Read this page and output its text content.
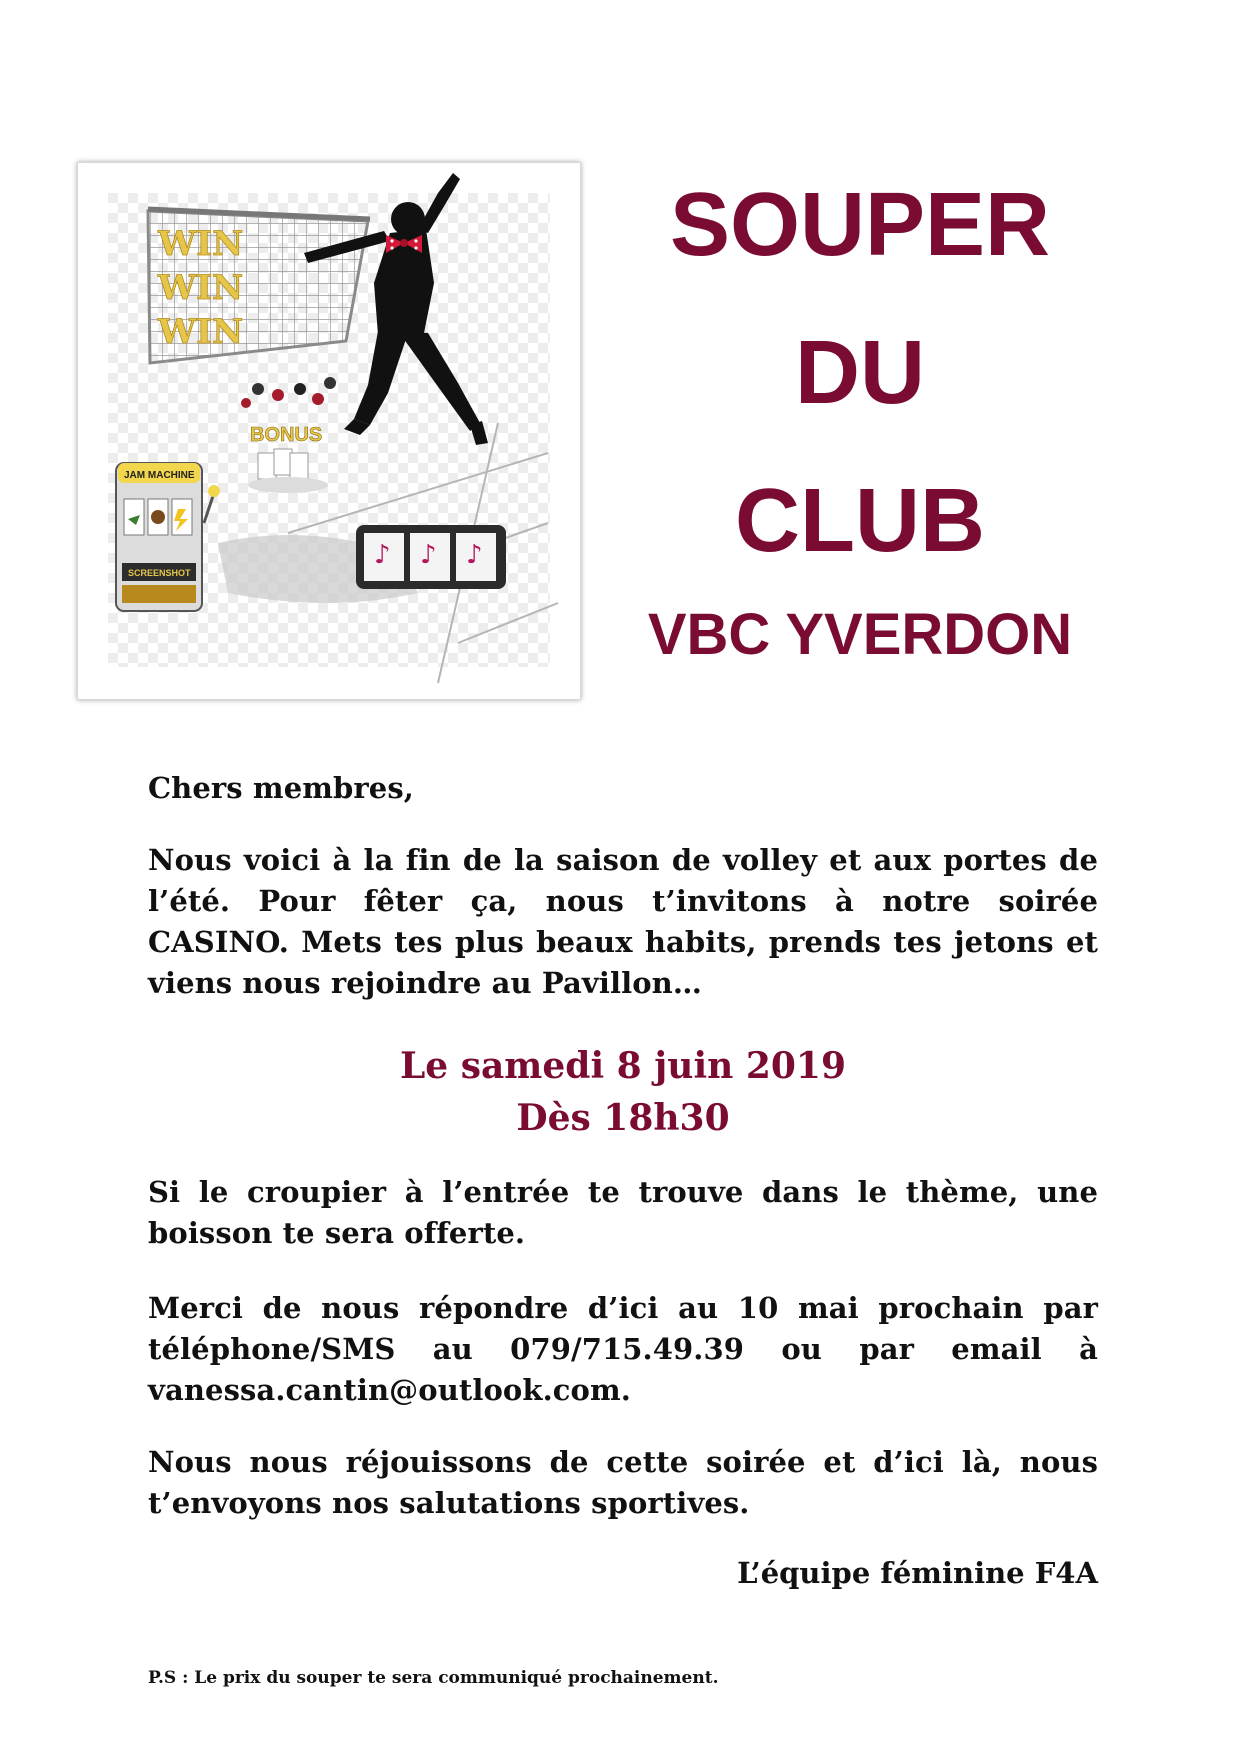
WIN
WIN
WIN
BONUS
JAM MACHINE
SCREENSHOT
♪ ♪ ♪

SOUPER

DU

CLUB

VBC YVERDON

Chers membres,

Nous voici à la fin de la saison de volley et aux portes de l’été. Pour fêter ça, nous t’invitons à notre soirée CASINO. Mets tes plus beaux habits, prends tes jetons et viens nous rejoindre au Pavillon…

Le samedi 8 juin 2019
Dès 18h30

Si le croupier à l’entrée te trouve dans le thème, une boisson te sera offerte.

Merci de nous répondre d’ici au 10 mai prochain par téléphone/SMS au 079/715.49.39 ou par email à vanessa.cantin@outlook.com.

Nous nous réjouissons de cette soirée et d’ici là, nous t’envoyons nos salutations sportives.

L’équipe féminine F4A

P.S : Le prix du souper te sera communiqué prochainement.
